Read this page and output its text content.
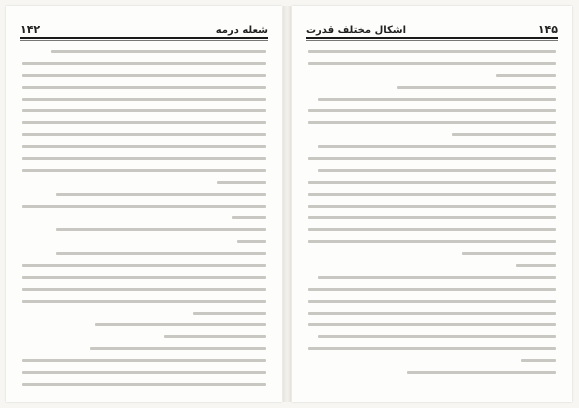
۱۴۲	شعله درمه	اشکال مختلف قدرت	۱۴۵
